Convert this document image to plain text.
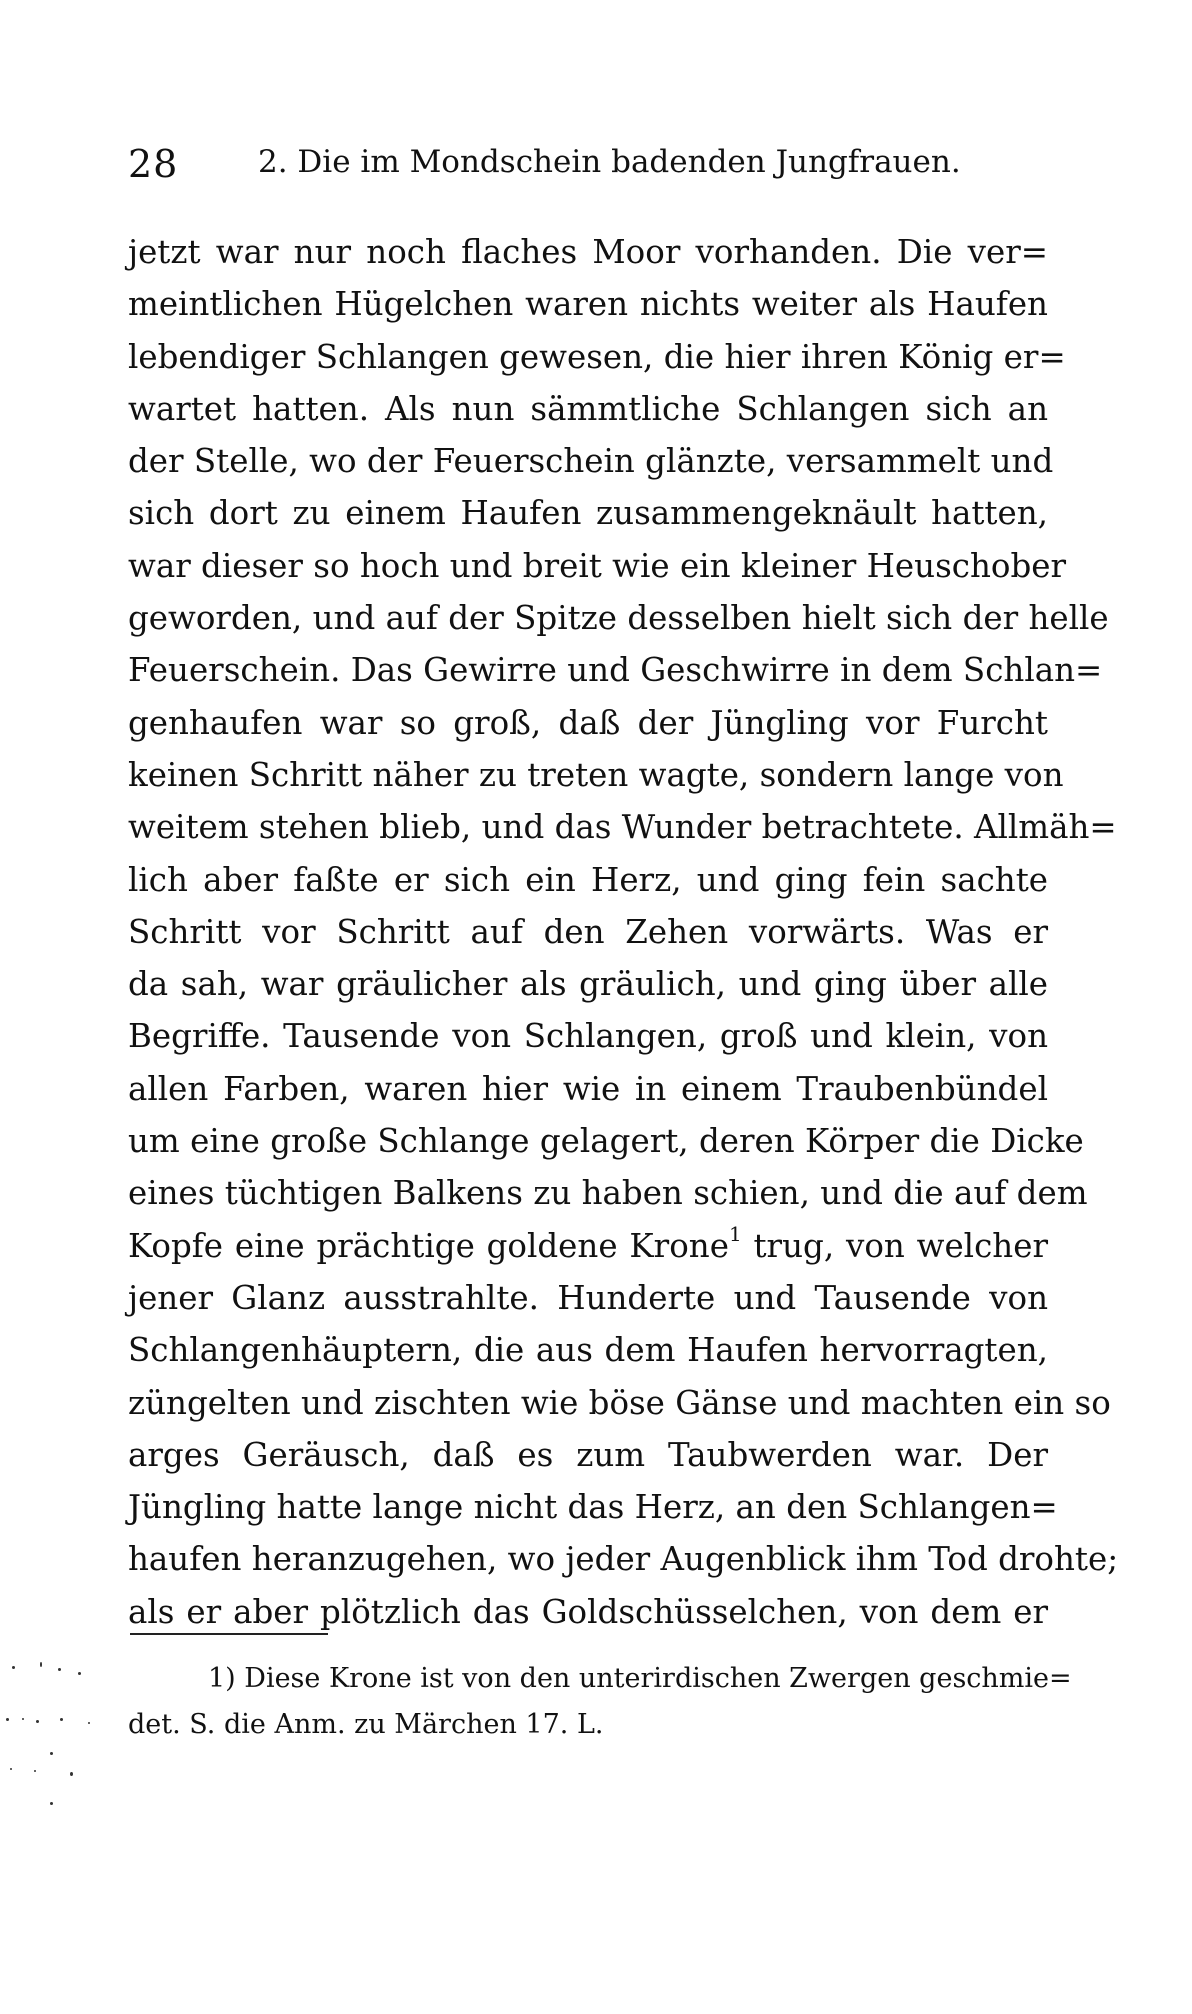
28	2. Die im Mondschein badenden Jungfrauen.
jetzt war nur noch flaches Moor vorhanden. Die ver=
meintlichen Hügelchen waren nichts weiter als Haufen
lebendiger Schlangen gewesen, die hier ihren König er=
wartet hatten. Als nun sämmtliche Schlangen sich an
der Stelle, wo der Feuerschein glänzte, versammelt und
sich dort zu einem Haufen zusammengeknäult hatten,
war dieser so hoch und breit wie ein kleiner Heuschober
geworden, und auf der Spitze desselben hielt sich der helle
Feuerschein. Das Gewirre und Geschwirre in dem Schlan=
genhaufen war so groß, daß der Jüngling vor Furcht
keinen Schritt näher zu treten wagte, sondern lange von
weitem stehen blieb, und das Wunder betrachtete. Allmäh=
lich aber faßte er sich ein Herz, und ging fein sachte
Schritt vor Schritt auf den Zehen vorwärts. Was er
da sah, war gräulicher als gräulich, und ging über alle
Begriffe. Tausende von Schlangen, groß und klein, von
allen Farben, waren hier wie in einem Traubenbündel
um eine große Schlange gelagert, deren Körper die Dicke
eines tüchtigen Balkens zu haben schien, und die auf dem
Kopfe eine prächtige goldene Krone$^1$ trug, von welcher
jener Glanz ausstrahlte. Hunderte und Tausende von
Schlangenhäuptern, die aus dem Haufen hervorragten,
züngelten und zischten wie böse Gänse und machten ein so
arges Geräusch, daß es zum Taubwerden war. Der
Jüngling hatte lange nicht das Herz, an den Schlangen=
haufen heranzugehen, wo jeder Augenblick ihm Tod drohte;
als er aber plötzlich das Goldschüsselchen, von dem er
1) Diese Krone ist von den unterirdischen Zwergen geschmie=
det. S. die Anm. zu Märchen 17. L.
